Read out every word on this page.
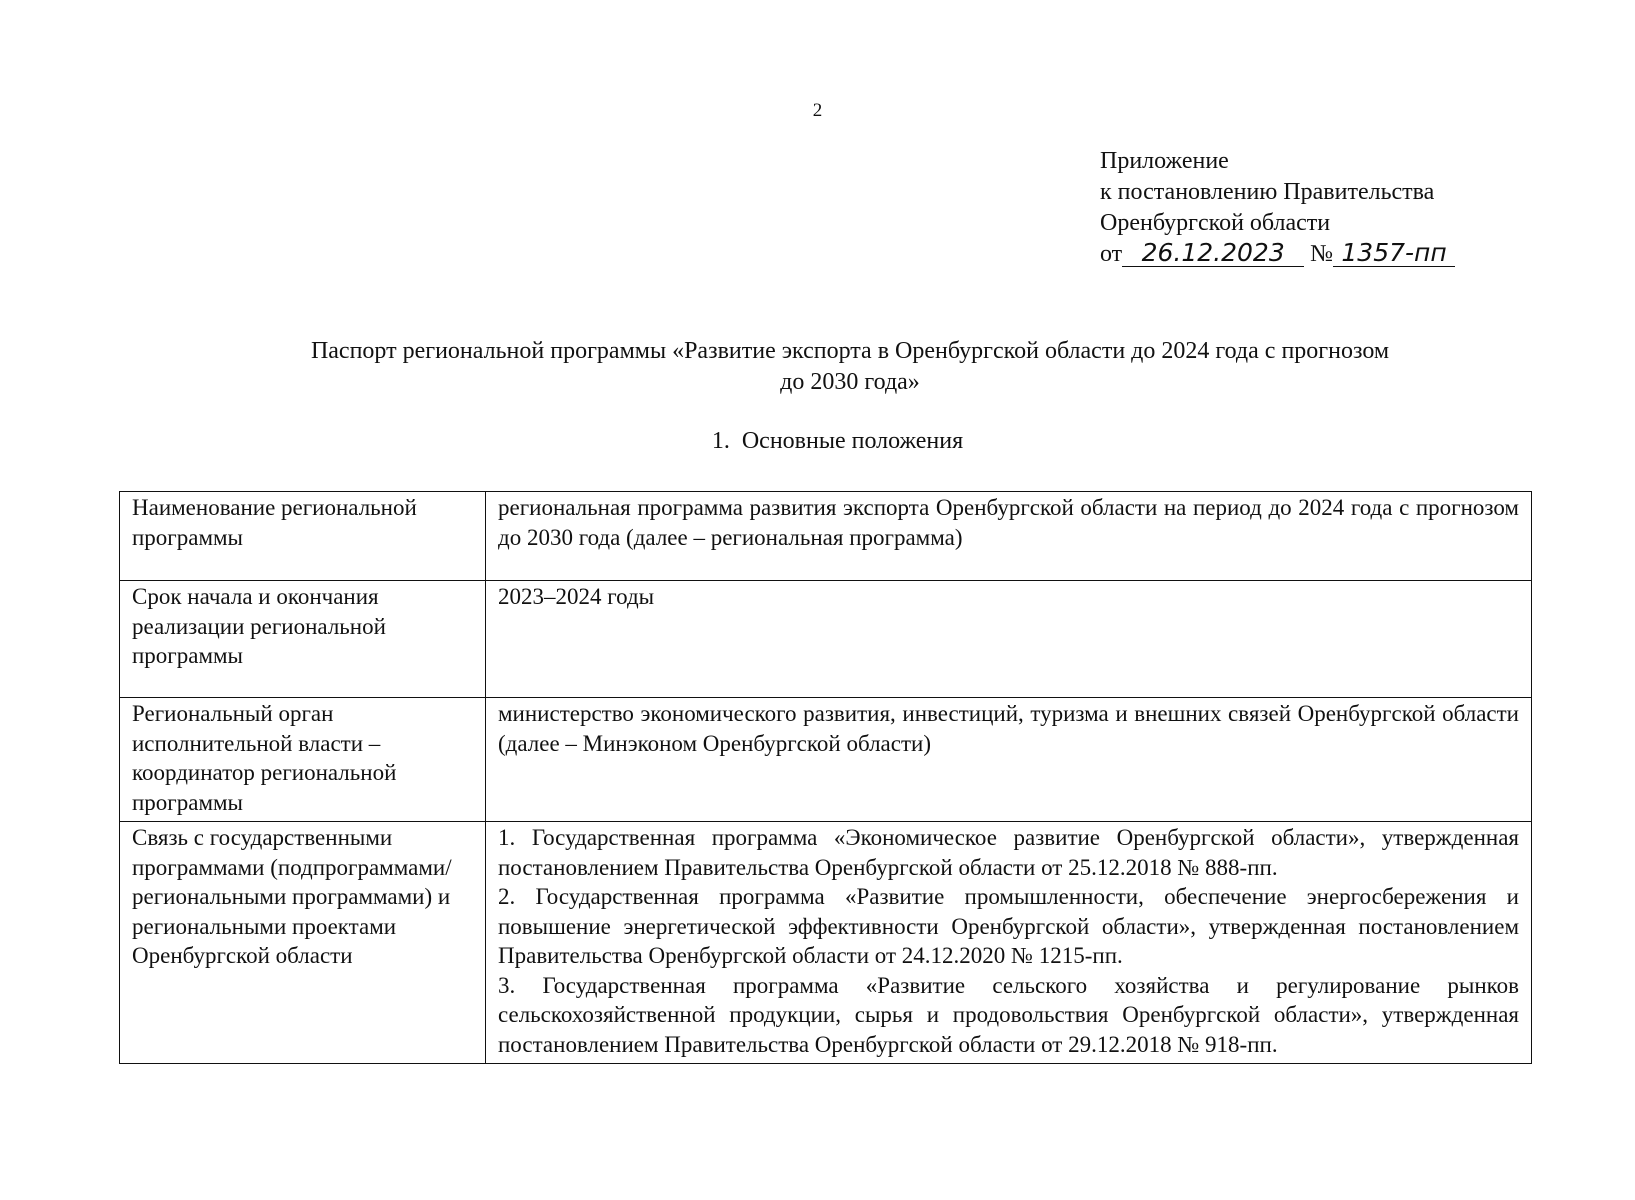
2
Приложение
к постановлению Правительства
Оренбургской области
от 26.12.2023 № 1357-пп
Паспорт региональной программы «Развитие экспорта в Оренбургской области до 2024 года с прогнозом
до 2030 года»
1. Основные положения
Наименование региональной программы	региональная программа развития экспорта Оренбургской области на период до 2024 года с прогнозом до 2030 года (далее – региональная программа)

Срок начала и окончания реализации региональной программы	2023–2024 годы

Региональный орган исполнительной власти – координатор региональной программы	министерство экономического развития, инвестиций, туризма и внешних связей Оренбургской области (далее – Минэконом Оренбургской области)

Связь с государственными программами (подпрограммами/региональными программами) и региональными проектами Оренбургской области	1. Государственная программа «Экономическое развитие Оренбургской области», утвержденная постановлением Правительства Оренбургской области от 25.12.2018 № 888-пп.

2. Государственная программа «Развитие промышленности, обеспечение энергосбережения и повышение энергетической эффективности Оренбургской области», утвержденная постановлением Правительства Оренбургской области от 24.12.2020 № 1215-пп.

3. Государственная программа «Развитие сельского хозяйства и регулирование рынков сельскохозяйственной продукции, сырья и продовольствия Оренбургской области», утвержденная постановлением Правительства Оренбургской области от 29.12.2018 № 918-пп.
